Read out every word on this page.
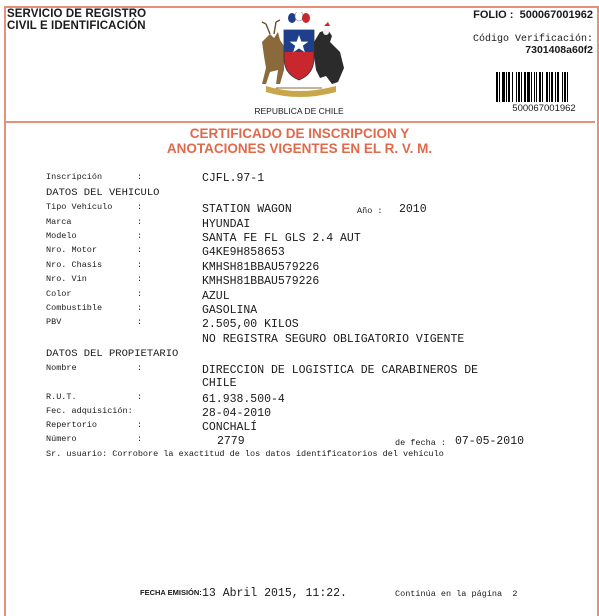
SERVICIO DE REGISTRO
CIVIL E IDENTIFICACIÓN
REPUBLICA DE CHILE
FOLIO : 500067001962
Código Verificación:
7301408a60f2
500067001962
CERTIFICADO DE INSCRIPCION Y
ANOTACIONES VIGENTES EN EL R. V. M.
Inscripción	:	CJFL.97-1
DATOS DEL VEHICULO
Tipo Vehículo	:	STATION WAGON	Año : 2010
Marca	:	HYUNDAI
Modelo	:	SANTA FE FL GLS 2.4 AUT
Nro. Motor	:	G4KE9H858653
Nro. Chasis	:	KMHSH81BBAU579226
Nro. Vin	:	KMHSH81BBAU579226
Color	:	AZUL
Combustible	:	GASOLINA
PBV	:	2.505,00 KILOS
NO REGISTRA SEGURO OBLIGATORIO VIGENTE
DATOS DEL PROPIETARIO
Nombre	:	DIRECCION DE LOGISTICA DE CARABINEROS DE
CHILE
R.U.T.	:	61.938.500-4
Fec. adquisición:	28-04-2010
Repertorio	:	CONCHALÍ
Número	:	2779	de fecha : 07-05-2010
Sr. usuario: Corrobore la exactitud de los datos identificatorios del vehículo
FECHA EMISIÓN: 13 Abril 2015, 11:22.	Continúa en la página  2
